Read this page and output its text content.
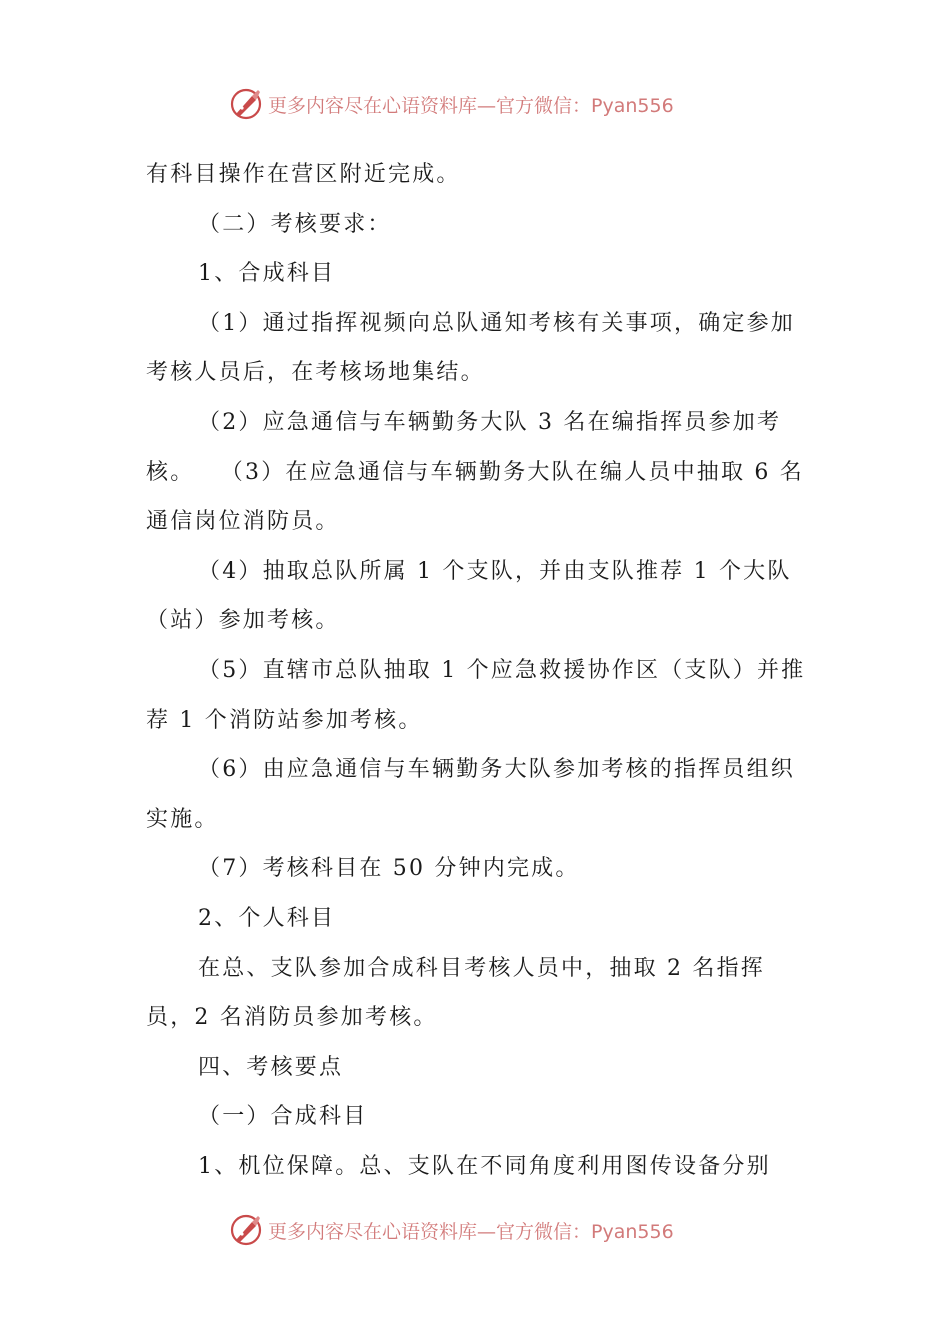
更多内容尽在心语资料库—官方微信：Pyan556

有科目操作在营区附近完成。

（二）考核要求：

1、合成科目

（1）通过指挥视频向总队通知考核有关事项，确定参加考核人员后，在考核场地集结。

（2）应急通信与车辆勤务大队 3 名在编指挥员参加考核。　　（3）在应急通信与车辆勤务大队在编人员中抽取 6 名通信岗位消防员。

（4）抽取总队所属 1 个支队，并由支队推荐 1 个大队（站）参加考核。

（5）直辖市总队抽取 1 个应急救援协作区（支队）并推荐 1 个消防站参加考核。

（6）由应急通信与车辆勤务大队参加考核的指挥员组织实施。

（7）考核科目在 50 分钟内完成。

2、个人科目

在总、支队参加合成科目考核人员中，抽取 2 名指挥员，2 名消防员参加考核。

四、考核要点

（一）合成科目

1、机位保障。总、支队在不同角度利用图传设备分别

更多内容尽在心语资料库—官方微信：Pyan556
